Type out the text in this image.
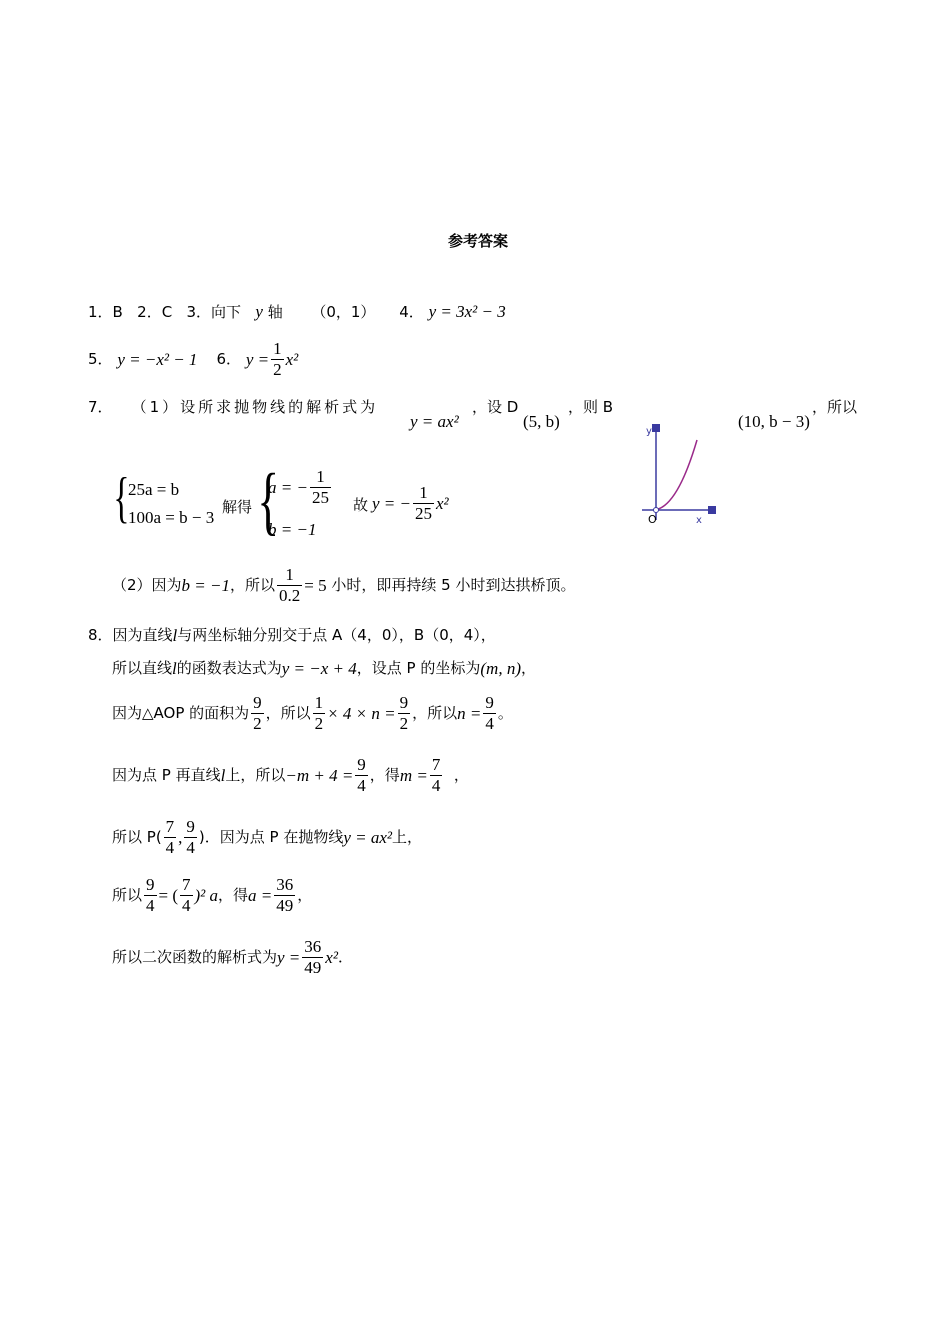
参考答案
1．B 2．C 3．向下 y 轴 （0，1） 4． y = 3x² − 3
5．
y = −x² − 1
6．
$y = \frac{1}{2} x^2$
7． （1）设所求抛物线的解析式为
y = ax²
，设 D
(5, b)
，则 B
(10, b − 3)
，所以
y
x
O
{
25a = b
100a = b − 3
解得 {
a = − $\frac{1}{25}$
b = −1
故 y = − $\frac{1}{25} x^2$
（2）因为 b = −1 ，所以 $\frac{1}{0.2} = 5$
小时，即再持续 5 小时到达拱桥顶。
8．因为直线 l 与两坐标轴分别交于点 A（4，0），B（0，4），
所以直线 l 的函数表达式为 y = −x + 4 ，设点 P 的坐标为 (m, n) ，
因为△AOP 的面积为 $\frac{9}{2}$ ，所以 $\frac{1}{2} \times 4 \times n = \frac{9}{2}$ ，所以 $n = \frac{9}{4}$ 。
因为点 P 再直线 l 上，所以 $-m + 4 = \frac{9}{4}$ ，得 $m = \frac{7}{4}$
，
所以 $P( \frac{7}{4}$ , $\frac{9}{4}$ )．因为点 P 在抛物线 y = ax² 上，
所以 $\frac{9}{4}$ = ( $\frac{7}{4} )^2$ a ，得 $a = \frac{36}{49}$ ，
所以二次函数的解析式为 $y = \frac{36}{49} x^2$ ．
